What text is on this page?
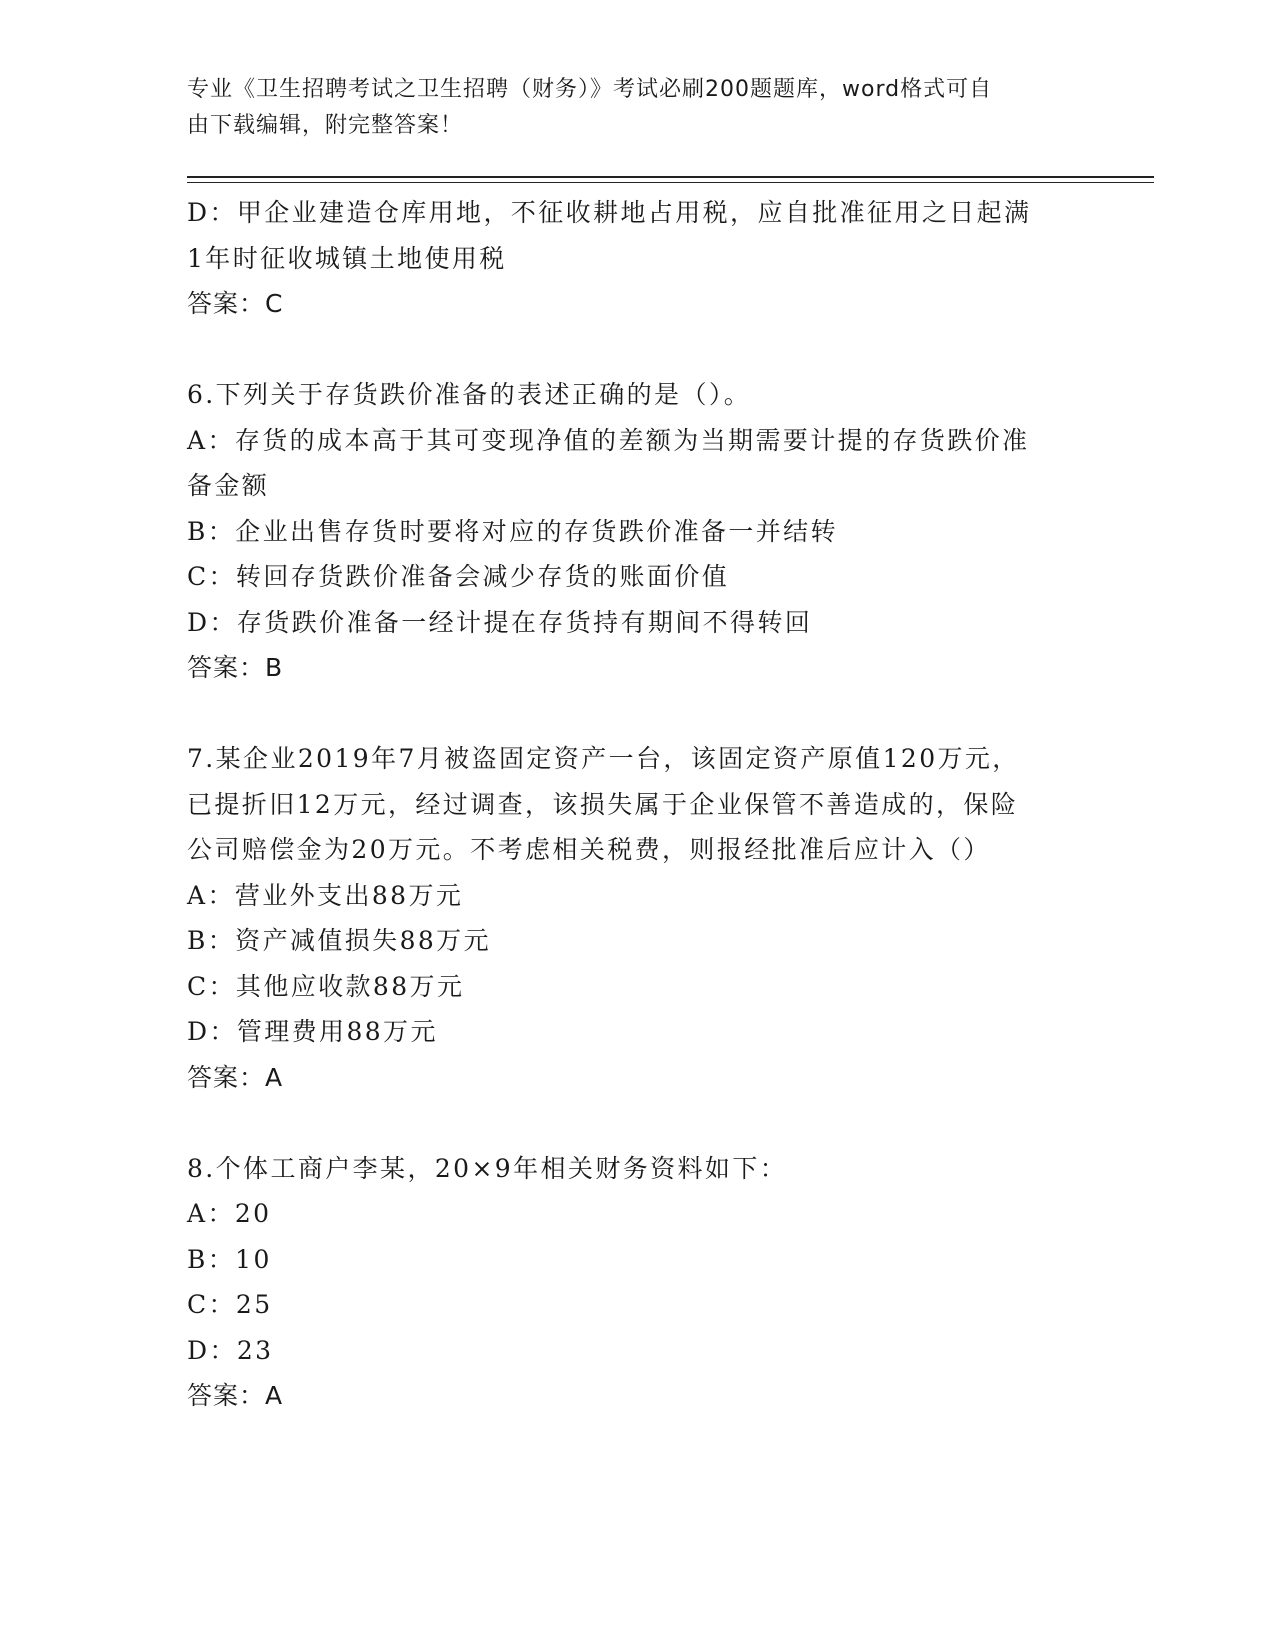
专业《卫生招聘考试之卫生招聘（财务）》考试必刷200题题库，word格式可自
由下载编辑，附完整答案！
D：甲企业建造仓库用地，不征收耕地占用税，应自批准征用之日起满
1年时征收城镇土地使用税
答案：C
6.下列关于存货跌价准备的表述正确的是（）。
A：存货的成本高于其可变现净值的差额为当期需要计提的存货跌价准
备金额
B：企业出售存货时要将对应的存货跌价准备一并结转
C：转回存货跌价准备会减少存货的账面价值
D：存货跌价准备一经计提在存货持有期间不得转回
答案：B
7.某企业2019年7月被盗固定资产一台，该固定资产原值120万元，
已提折旧12万元，经过调查，该损失属于企业保管不善造成的，保险
公司赔偿金为20万元。不考虑相关税费，则报经批准后应计入（）
A：营业外支出88万元
B：资产减值损失88万元
C：其他应收款88万元
D：管理费用88万元
答案：A
8.个体工商户李某，20×9年相关财务资料如下：
A：20
B：10
C：25
D：23
答案：A
